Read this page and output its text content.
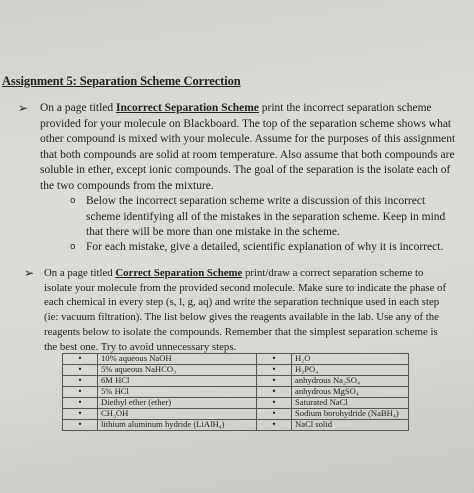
Assignment 5: Separation Scheme Correction
➢ On a page titled Incorrect Separation Scheme print the incorrect separation scheme provided for your molecule on Blackboard. The top of the separation scheme shows what other compound is mixed with your molecule. Assume for the purposes of this assignment that both compounds are solid at room temperature. Also assume that both compounds are soluble in ether, except ionic compounds. The goal of the separation is the isolate each of the two compounds from the mixture.
o Below the incorrect separation scheme write a discussion of this incorrect scheme identifying all of the mistakes in the separation scheme. Keep in mind that there will be more than one mistake in the scheme.
o For each mistake, give a detailed, scientific explanation of why it is incorrect.
➢ On a page titled Correct Separation Scheme print/draw a correct separation scheme to isolate your molecule from the provided second molecule. Make sure to indicate the phase of each chemical in every step (s, l, g, aq) and write the separation technique used in each step (ie: vacuum filtration). The list below gives the reagents available in the lab. Use any of the reagents below to isolate the compounds. Remember that the simplest separation scheme is the best one. Try to avoid unnecessary steps.
•	10% aqueous NaOH	•	H₂O
•	5% aqueous NaHCO₃	•	H₃PO₄
•	6M HCl	•	anhydrous Na₂SO₄
•	5% HCl	•	anhydrous MgSO₄
•	Diethyl ether (ether)	•	Saturated NaCl
•	CH₃OH	•	Sodium borohydride (NaBH₄)
•	lithium aluminum hydride (LiAlH₄)	•	NaCl solid
